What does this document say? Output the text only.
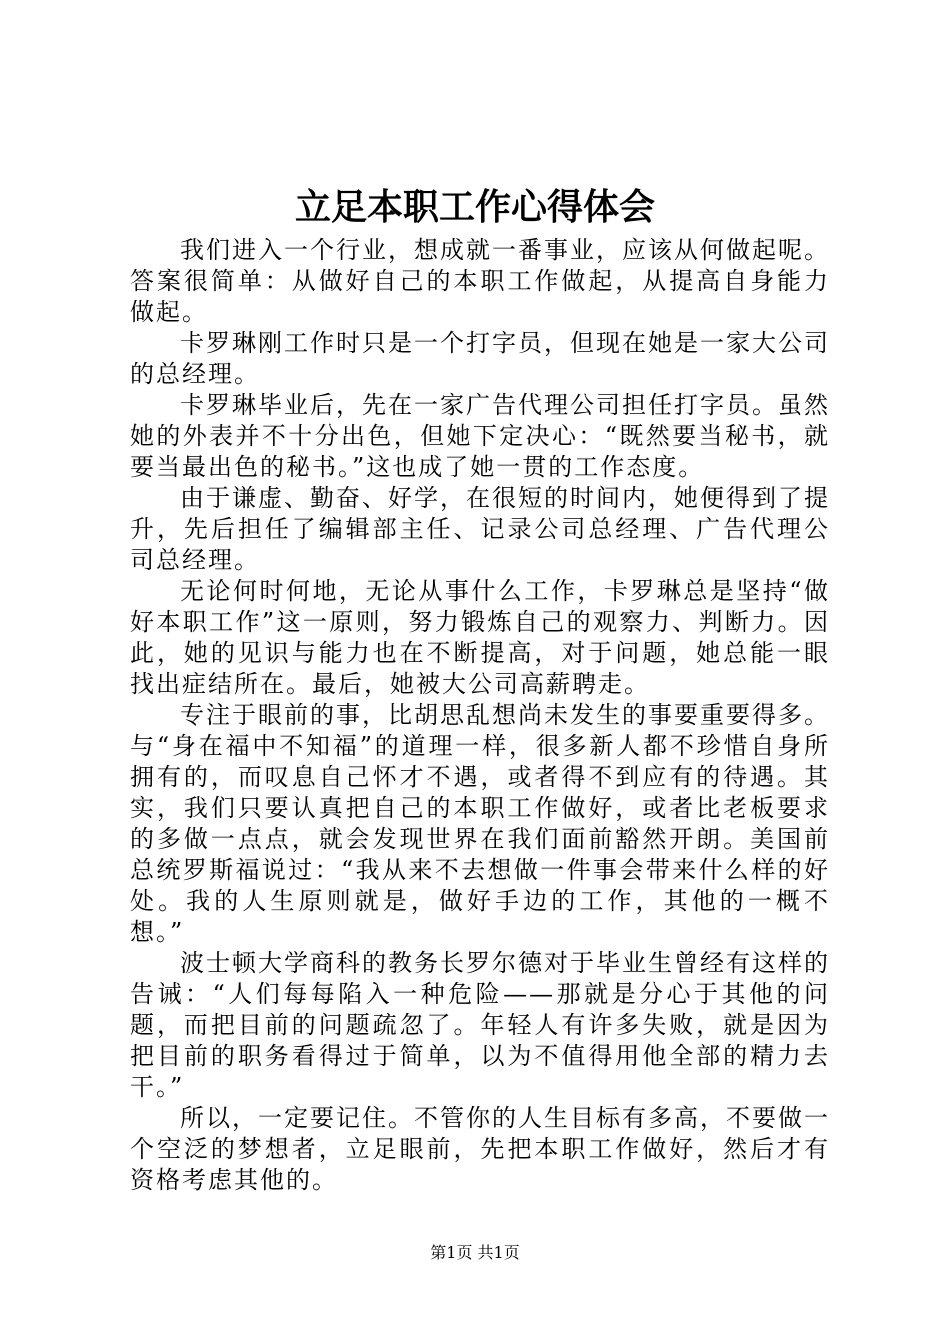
立足本职工作心得体会

我们进入一个行业，想成就一番事业，应该从何做起呢。答案很简单：从做好自己的本职工作做起，从提高自身能力做起。

卡罗琳刚工作时只是一个打字员，但现在她是一家大公司的总经理。

卡罗琳毕业后，先在一家广告代理公司担任打字员。虽然她的外表并不十分出色，但她下定决心：“既然要当秘书，就要当最出色的秘书。”这也成了她一贯的工作态度。

由于谦虚、勤奋、好学，在很短的时间内，她便得到了提升，先后担任了编辑部主任、记录公司总经理、广告代理公司总经理。

无论何时何地，无论从事什么工作，卡罗琳总是坚持“做好本职工作”这一原则，努力锻炼自己的观察力、判断力。因此，她的见识与能力也在不断提高，对于问题，她总能一眼找出症结所在。最后，她被大公司高薪聘走。

专注于眼前的事，比胡思乱想尚未发生的事要重要得多。与“身在福中不知福”的道理一样，很多新人都不珍惜自身所拥有的，而叹息自己怀才不遇，或者得不到应有的待遇。其实，我们只要认真把自己的本职工作做好，或者比老板要求的多做一点点，就会发现世界在我们面前豁然开朗。美国前总统罗斯福说过：“我从来不去想做一件事会带来什么样的好处。我的人生原则就是，做好手边的工作，其他的一概不想。”

波士顿大学商科的教务长罗尔德对于毕业生曾经有这样的告诫：“人们每每陷入一种危险——那就是分心于其他的问题，而把目前的问题疏忽了。年轻人有许多失败，就是因为把目前的职务看得过于简单，以为不值得用他全部的精力去干。”

所以，一定要记住。不管你的人生目标有多高，不要做一个空泛的梦想者，立足眼前，先把本职工作做好，然后才有资格考虑其他的。

第1页 共1页
